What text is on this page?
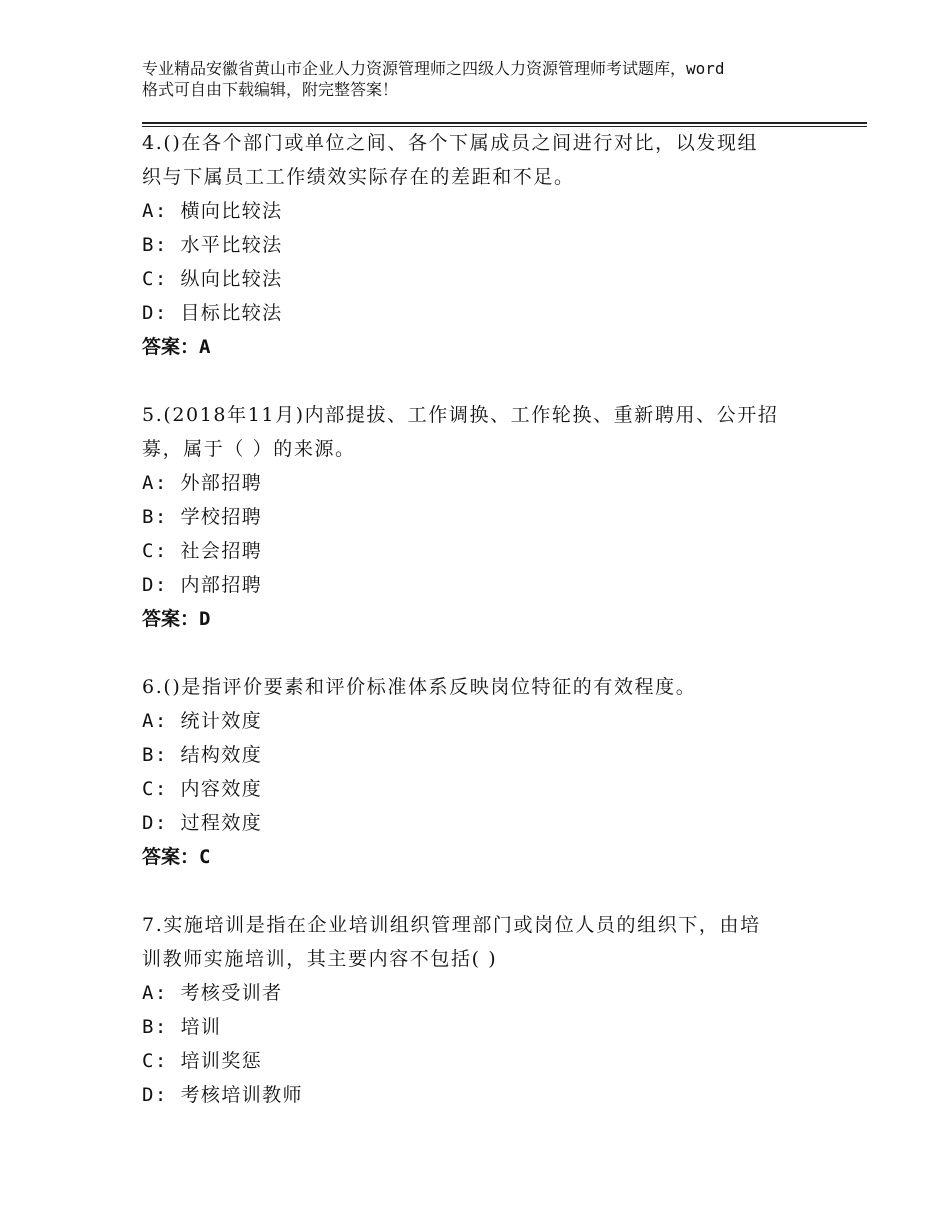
专业精品安徽省黄山市企业人力资源管理师之四级人力资源管理师考试题库，word

格式可自由下载编辑，附完整答案！

4.()在各个部门或单位之间、各个下属成员之间进行对比，以发现组

织与下属员工工作绩效实际存在的差距和不足。

A: 横向比较法

B: 水平比较法

C: 纵向比较法

D: 目标比较法

答案：A

5.(2018年11月)内部提拔、工作调换、工作轮换、重新聘用、公开招

募，属于（ ）的来源。

A: 外部招聘

B: 学校招聘

C: 社会招聘

D: 内部招聘

答案：D

6.()是指评价要素和评价标准体系反映岗位特征的有效程度。

A: 统计效度

B: 结构效度

C: 内容效度

D: 过程效度

答案：C

7.实施培训是指在企业培训组织管理部门或岗位人员的组织下，由培

训教师实施培训，其主要内容不包括( )

A: 考核受训者

B: 培训

C: 培训奖惩

D: 考核培训教师
